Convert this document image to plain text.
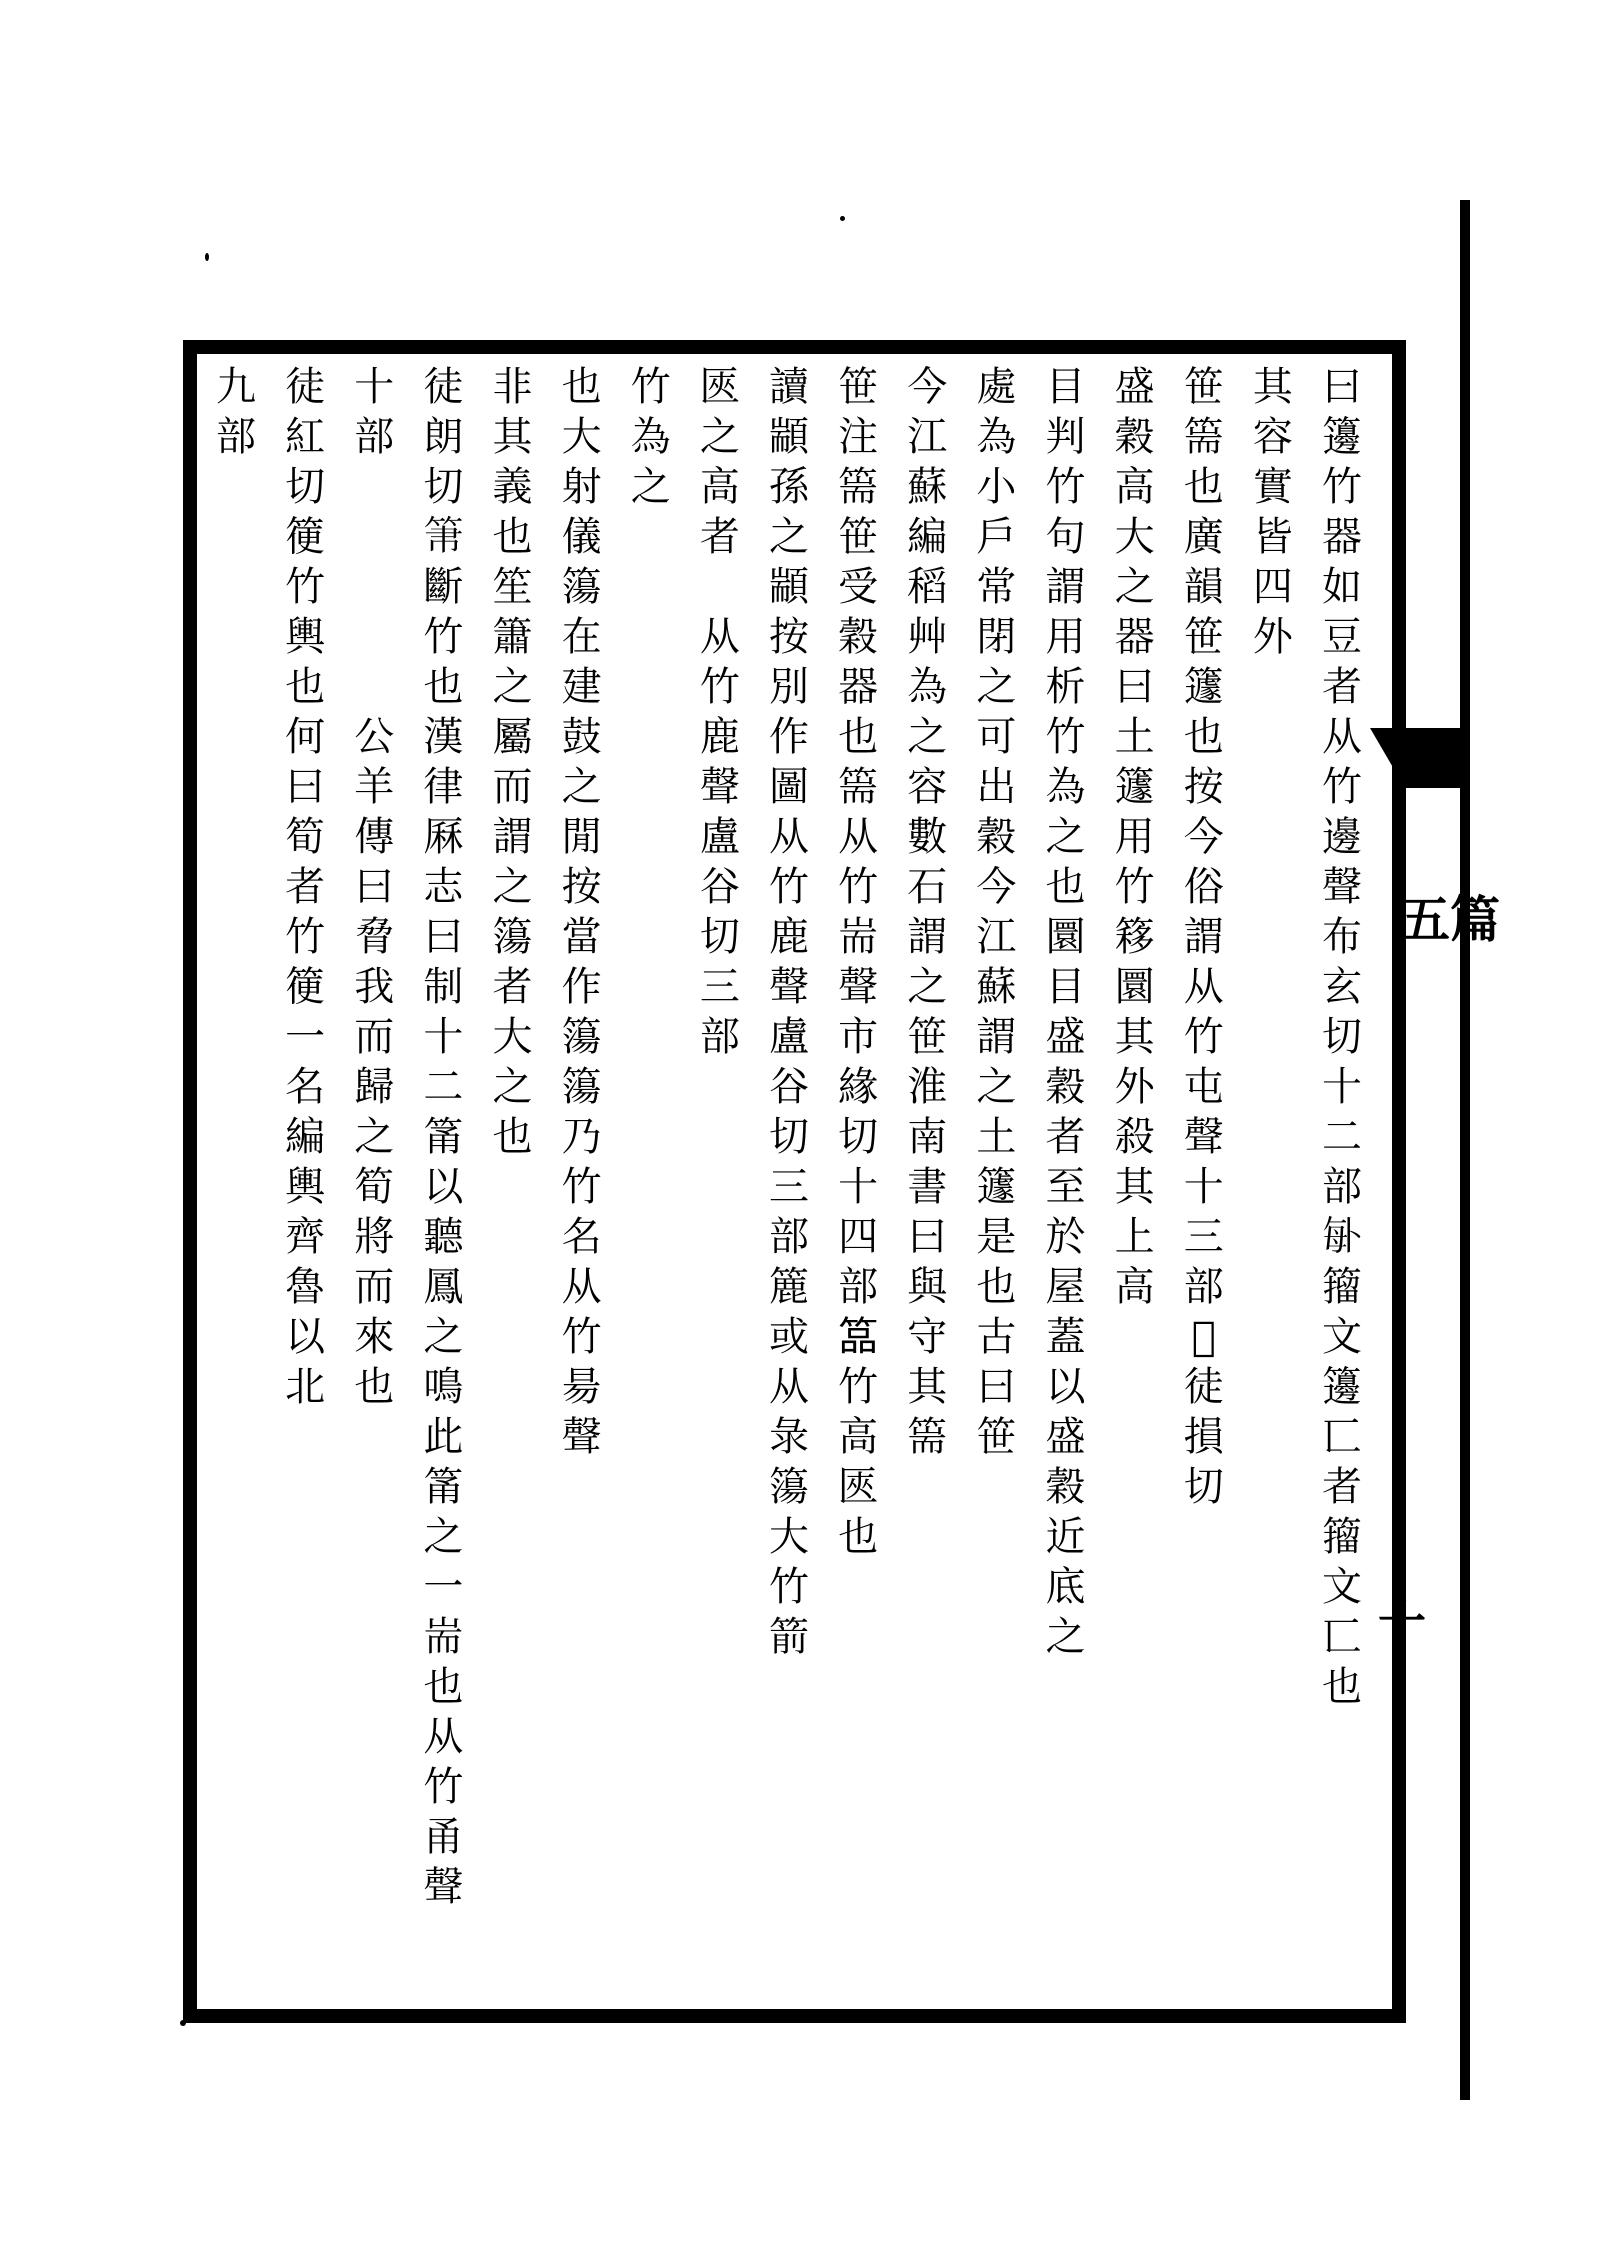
五篇
十
曰
籩
竹
器
如
豆
者
从
竹
邊
聲
布
玄
切
十
二
部
𠧩
籀
文
籩
匸
者
籀
文
匸
也
其
容
實
皆
四
外
笹
篅
也
廣
韻
笹
籧
也
按
今
俗
謂
从
竹
屯
聲
十
三
部
𥬡
徒
損
切
盛
穀
高
大
之
器
曰
土
籧
用
竹
簃
圜
其
外
殺
其
上
高
目
判
竹
句
謂
用
析
竹
為
之
也
圜
目
盛
穀
者
至
於
屋
蓋
以
盛
穀
近
底
之
處
為
小
戶
常
閉
之
可
出
穀
今
江
蘇
謂
之
土
籧
是
也
古
曰
笹
今
江
蘇
編
稻
艸
為
之
容
數
石
謂
之
笹
淮
南
書
曰
與
守
其
篅
笹
注
篅
笹
受
穀
器
也
篅
从
竹
耑
聲
市
緣
切
十
四
部
𥰔
竹
高
匧
也
讀
顓
孫
之
顓
按
別
作
圖
从
竹
鹿
聲
盧
谷
切
三
部
簏
或
从
彔
簜
大
竹
箭
匧
之
高
者
从
竹
鹿
聲
盧
谷
切
三
部
竹
為
之
也
大
射
儀
簜
在
建
鼓
之
閒
按
當
作
簜
簜
乃
竹
名
从
竹
昜
聲
非
其
義
也
笙
簫
之
屬
而
謂
之
簜
者
大
之
也
徒
朗
切
𥬬
斷
竹
也
漢
律
厤
志
曰
制
十
二
筩
以
聽
鳳
之
鳴
此
筩
之
一
耑
也
从
竹
甬
聲
十
部
公
羊
傳
曰
脅
我
而
歸
之
筍
將
而
來
也
徒
紅
切
箯
竹
輿
也
何
曰
筍
者
竹
箯
一
名
編
輿
齊
魯
以
北
九
部
